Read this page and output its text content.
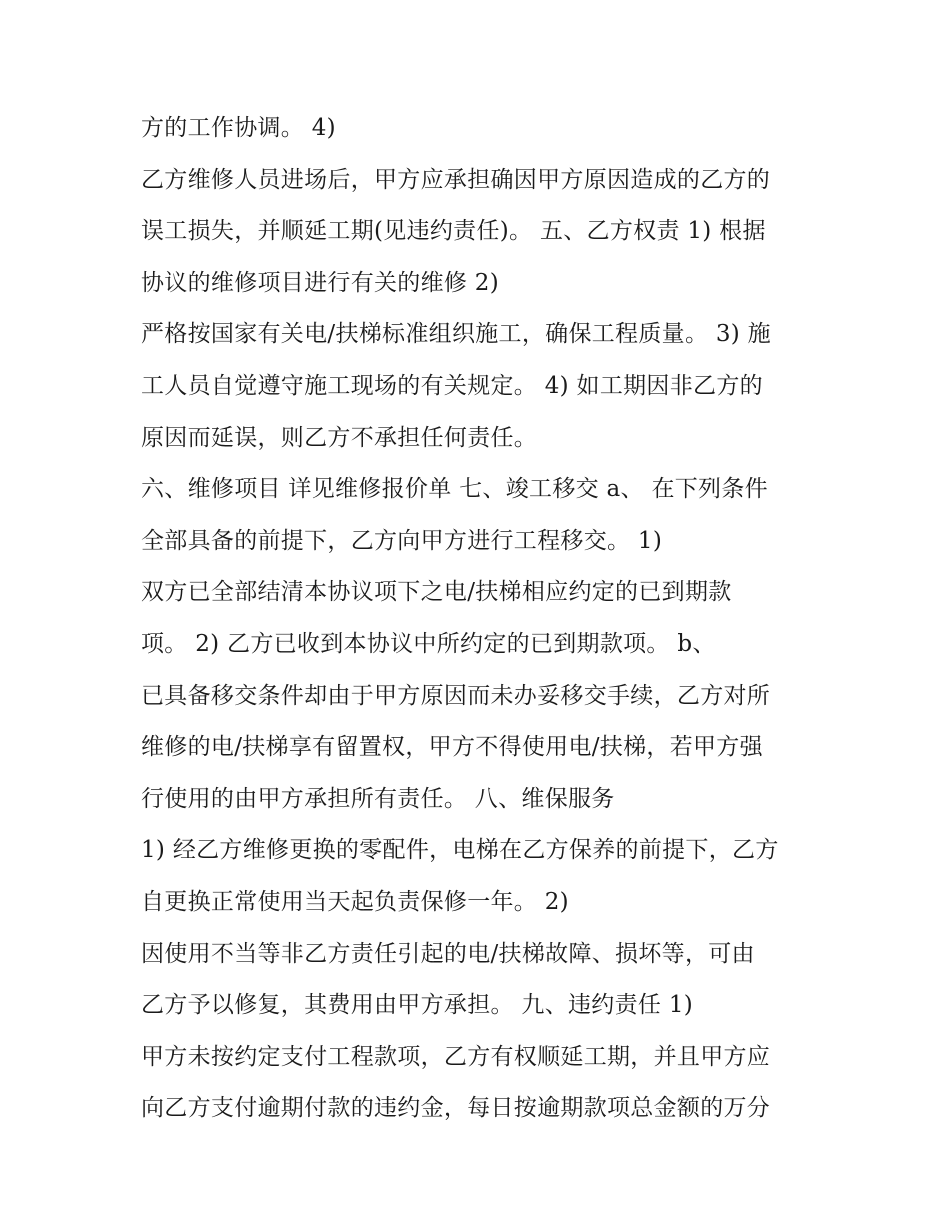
方的工作协调。 4)
乙方维修人员进场后，甲方应承担确因甲方原因造成的乙方的
误工损失，并顺延工期(见违约责任)。 五、乙方权责 1) 根据
协议的维修项目进行有关的维修 2)
严格按国家有关电/扶梯标准组织施工，确保工程质量。 3) 施
工人员自觉遵守施工现场的有关规定。 4) 如工期因非乙方的
原因而延误，则乙方不承担任何责任。
六、维修项目 详见维修报价单 七、竣工移交 a、 在下列条件
全部具备的前提下，乙方向甲方进行工程移交。 1)
双方已全部结清本协议项下之电/扶梯相应约定的已到期款
项。 2) 乙方已收到本协议中所约定的已到期款项。 b、
已具备移交条件却由于甲方原因而未办妥移交手续，乙方对所
维修的电/扶梯享有留置权，甲方不得使用电/扶梯，若甲方强
行使用的由甲方承担所有责任。 八、维保服务
1) 经乙方维修更换的零配件，电梯在乙方保养的前提下，乙方
自更换正常使用当天起负责保修一年。 2)
因使用不当等非乙方责任引起的电/扶梯故障、损坏等，可由
乙方予以修复，其费用由甲方承担。 九、违约责任 1)
甲方未按约定支付工程款项，乙方有权顺延工期，并且甲方应
向乙方支付逾期付款的违约金，每日按逾期款项总金额的万分
